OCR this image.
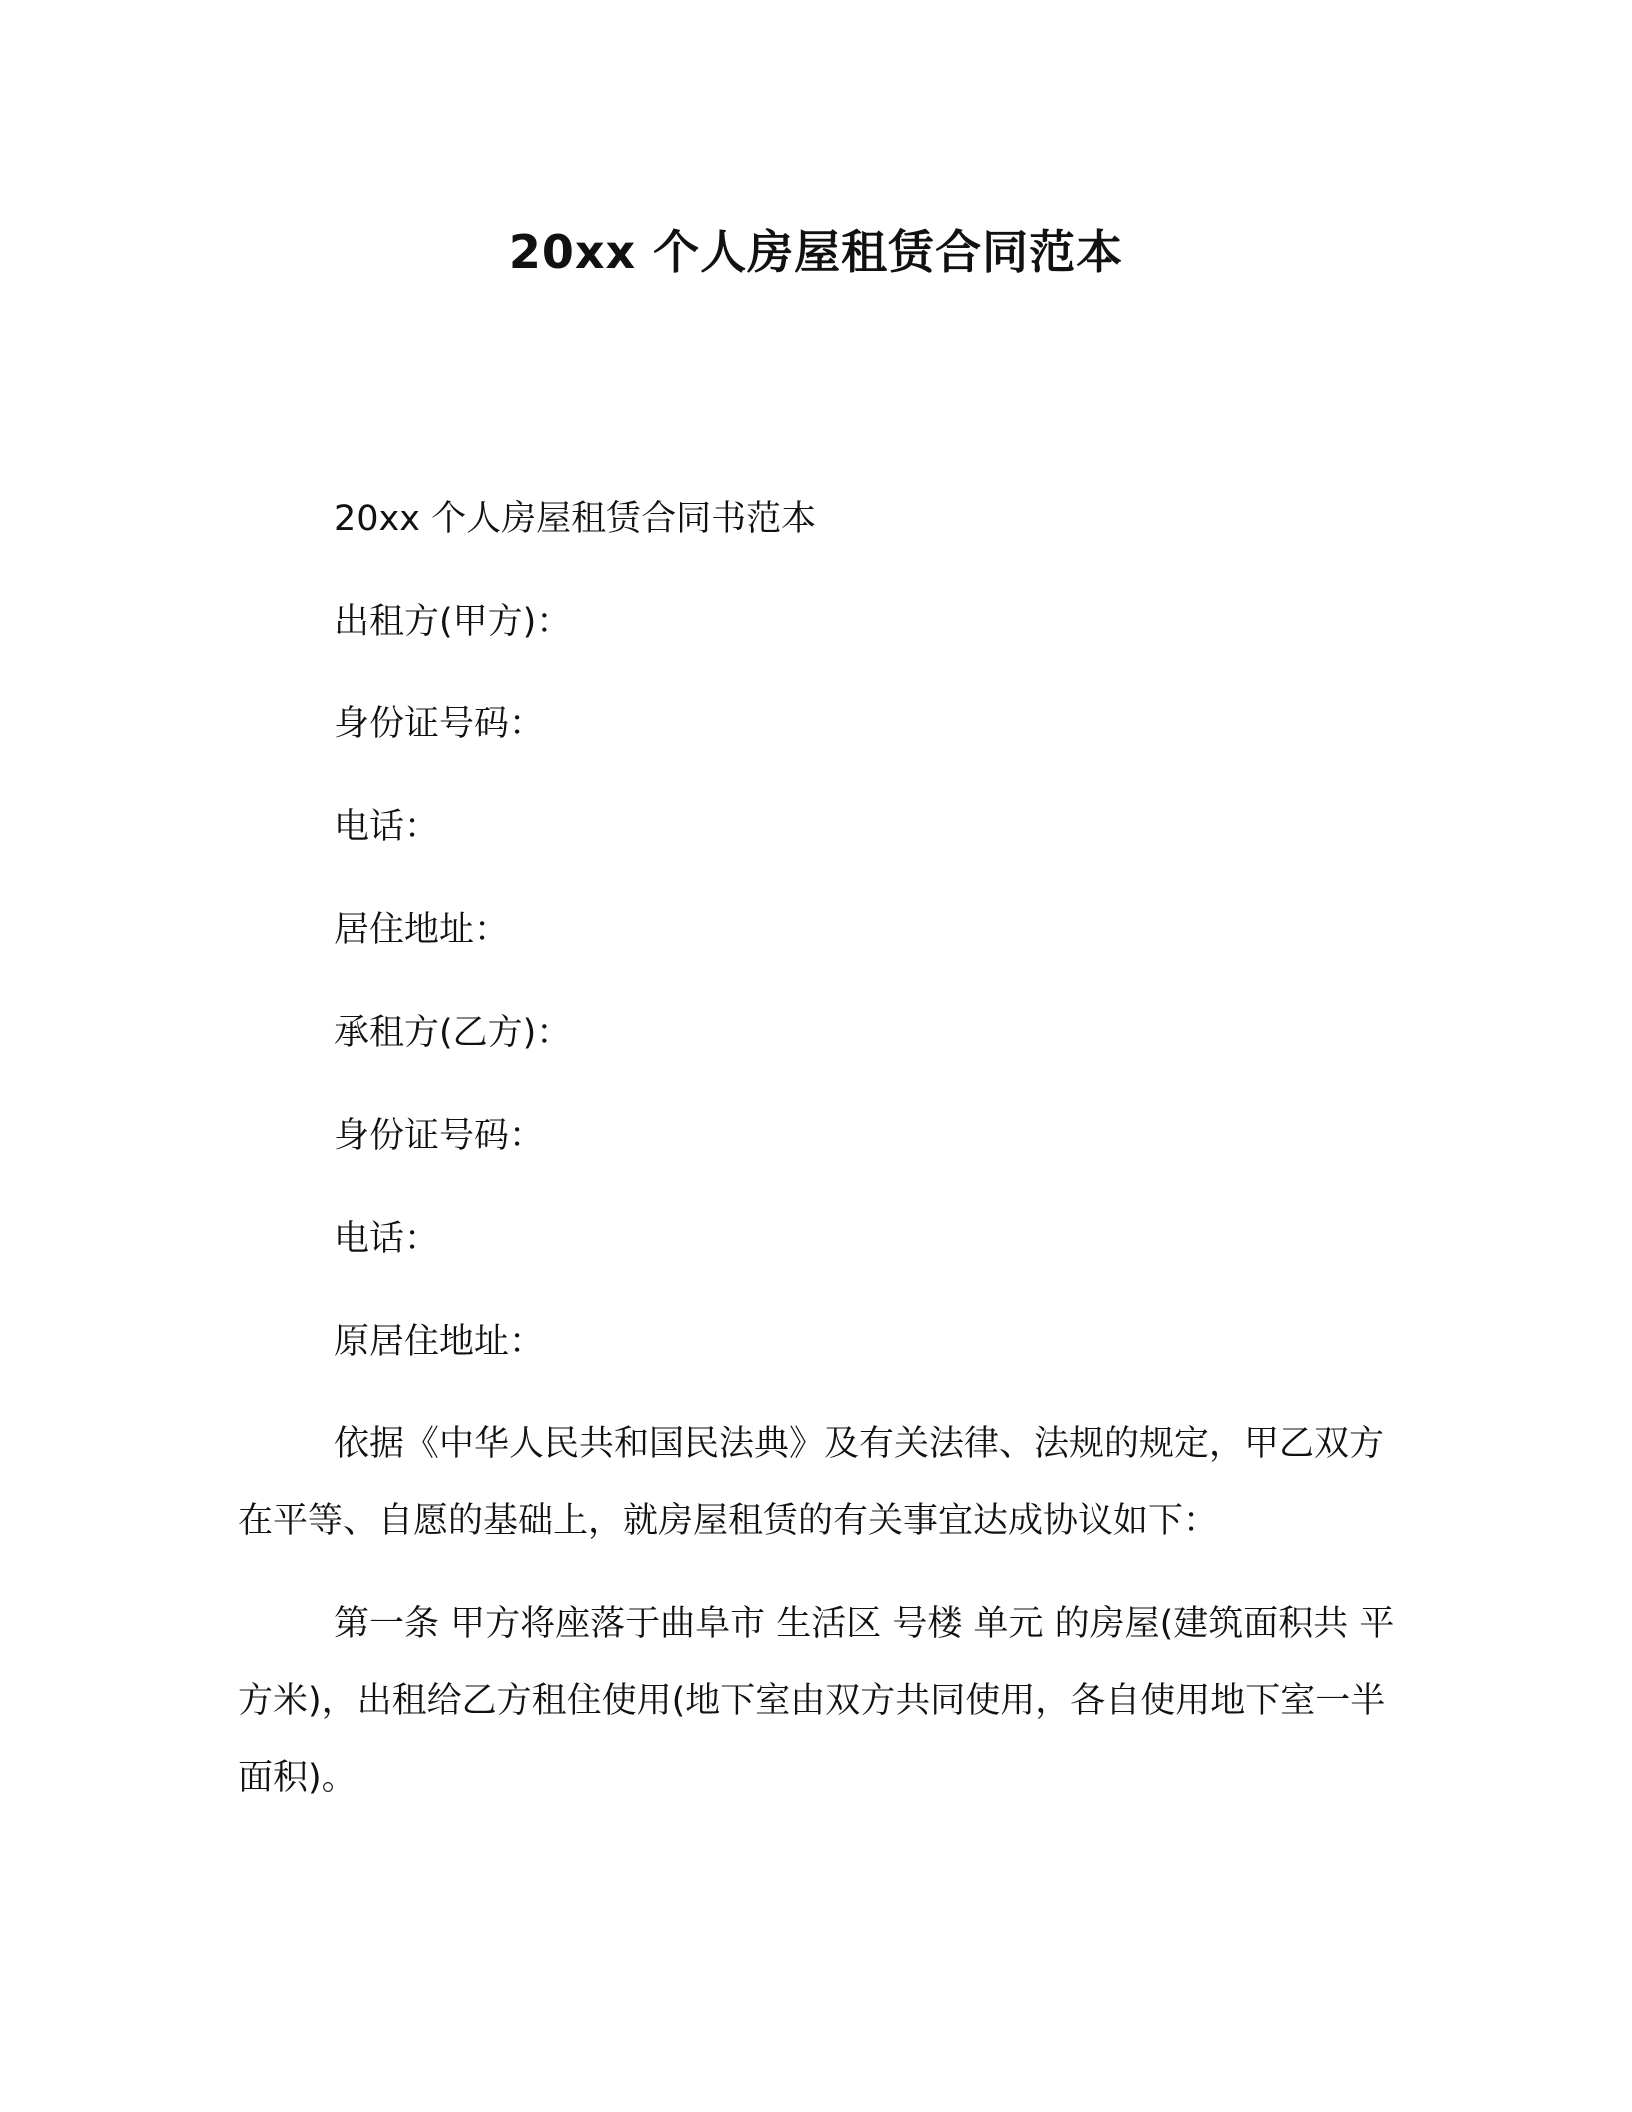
20xx 个人房屋租赁合同范本

20xx 个人房屋租赁合同书范本

出租方(甲方)：

身份证号码：

电话：

居住地址：

承租方(乙方)：

身份证号码：

电话：

原居住地址：

依据《中华人民共和国民法典》及有关法律、法规的规定，甲乙双方在平等、自愿的基础上，就房屋租赁的有关事宜达成协议如下：

第一条 甲方将座落于曲阜市 生活区 号楼 单元 的房屋(建筑面积共 平方米)，出租给乙方租住使用(地下室由双方共同使用，各自使用地下室一半面积)。
